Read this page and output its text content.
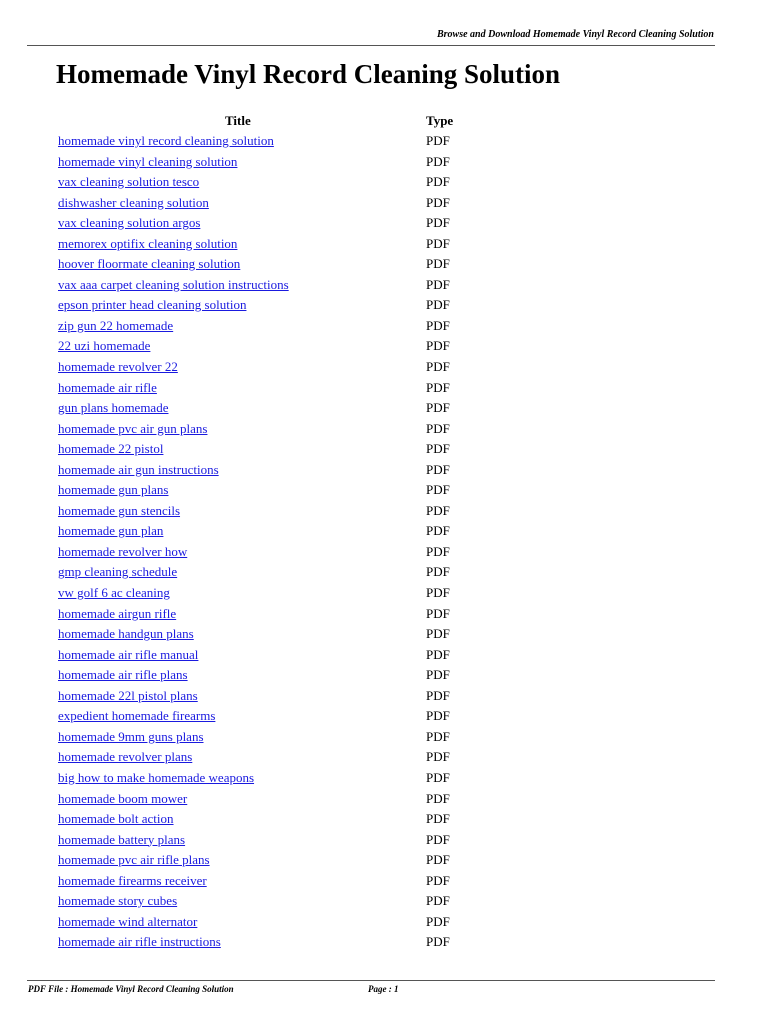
Browse and Download Homemade Vinyl Record Cleaning Solution
Homemade Vinyl Record Cleaning Solution
Title	Type
homemade vinyl record cleaning solution	PDF
homemade vinyl cleaning solution	PDF
vax cleaning solution tesco	PDF
dishwasher cleaning solution	PDF
vax cleaning solution argos	PDF
memorex optifix cleaning solution	PDF
hoover floormate cleaning solution	PDF
vax aaa carpet cleaning solution instructions	PDF
epson printer head cleaning solution	PDF
zip gun 22 homemade	PDF
22 uzi homemade	PDF
homemade revolver 22	PDF
homemade air rifle	PDF
gun plans homemade	PDF
homemade pvc air gun plans	PDF
homemade 22 pistol	PDF
homemade air gun instructions	PDF
homemade gun plans	PDF
homemade gun stencils	PDF
homemade gun plan	PDF
homemade revolver how	PDF
gmp cleaning schedule	PDF
vw golf 6 ac cleaning	PDF
homemade airgun rifle	PDF
homemade handgun plans	PDF
homemade air rifle manual	PDF
homemade air rifle plans	PDF
homemade 22l pistol plans	PDF
expedient homemade firearms	PDF
homemade 9mm guns plans	PDF
homemade revolver plans	PDF
big how to make homemade weapons	PDF
homemade boom mower	PDF
homemade bolt action	PDF
homemade battery plans	PDF
homemade pvc air rifle plans	PDF
homemade firearms receiver	PDF
homemade story cubes	PDF
homemade wind alternator	PDF
homemade air rifle instructions	PDF
PDF File : Homemade Vinyl Record Cleaning Solution	Page : 1
